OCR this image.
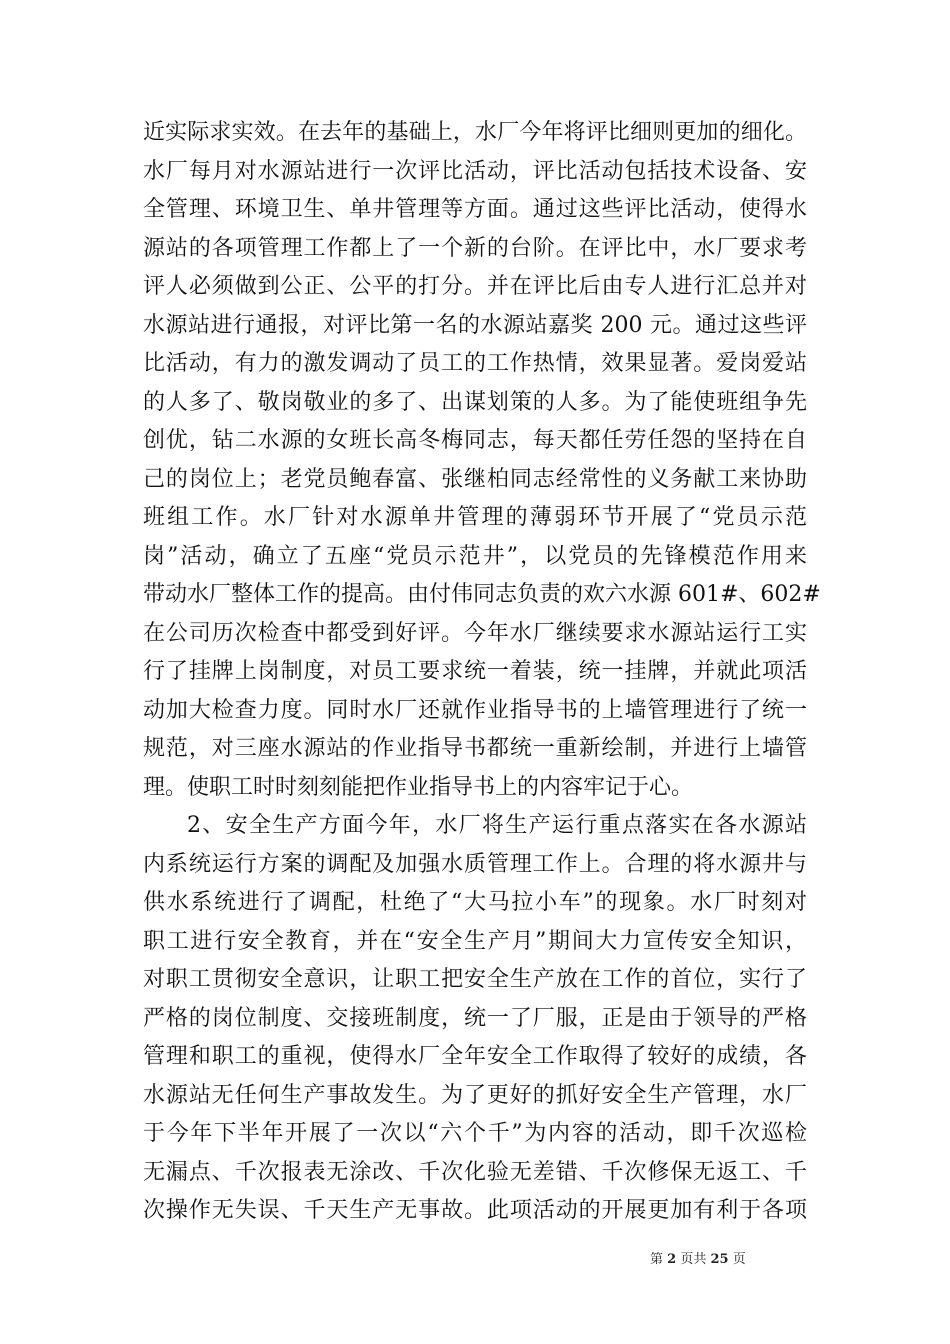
近实际求实效。在去年的基础上，水厂今年将评比细则更加的细化。
水厂每月对水源站进行一次评比活动，评比活动包括技术设备、安
全管理、环境卫生、单井管理等方面。通过这些评比活动，使得水
源站的各项管理工作都上了一个新的台阶。在评比中，水厂要求考
评人必须做到公正、公平的打分。并在评比后由专人进行汇总并对
水源站进行通报，对评比第一名的水源站嘉奖 200 元。通过这些评
比活动，有力的激发调动了员工的工作热情，效果显著。爱岗爱站
的人多了、敬岗敬业的多了、出谋划策的人多。为了能使班组争先
创优，钻二水源的女班长高冬梅同志，每天都任劳任怨的坚持在自
己的岗位上；老党员鲍春富、张继柏同志经常性的义务献工来协助
班组工作。水厂针对水源单井管理的薄弱环节开展了“党员示范
岗”活动，确立了五座“党员示范井”，以党员的先锋模范作用来
带动水厂整体工作的提高。由付伟同志负责的欢六水源 601#、602#
在公司历次检查中都受到好评。今年水厂继续要求水源站运行工实
行了挂牌上岗制度，对员工要求统一着装，统一挂牌，并就此项活
动加大检查力度。同时水厂还就作业指导书的上墙管理进行了统一
规范，对三座水源站的作业指导书都统一重新绘制，并进行上墙管
理。使职工时时刻刻能把作业指导书上的内容牢记于心。
2、安全生产方面今年，水厂将生产运行重点落实在各水源站
内系统运行方案的调配及加强水质管理工作上。合理的将水源井与
供水系统进行了调配，杜绝了“大马拉小车”的现象。水厂时刻对
职工进行安全教育，并在“安全生产月”期间大力宣传安全知识，
对职工贯彻安全意识，让职工把安全生产放在工作的首位，实行了
严格的岗位制度、交接班制度，统一了厂服，正是由于领导的严格
管理和职工的重视，使得水厂全年安全工作取得了较好的成绩，各
水源站无任何生产事故发生。为了更好的抓好安全生产管理，水厂
于今年下半年开展了一次以“六个千”为内容的活动，即千次巡检
无漏点、千次报表无涂改、千次化验无差错、千次修保无返工、千
次操作无失误、千天生产无事故。此项活动的开展更加有利于各项
第 2 页共 25 页
